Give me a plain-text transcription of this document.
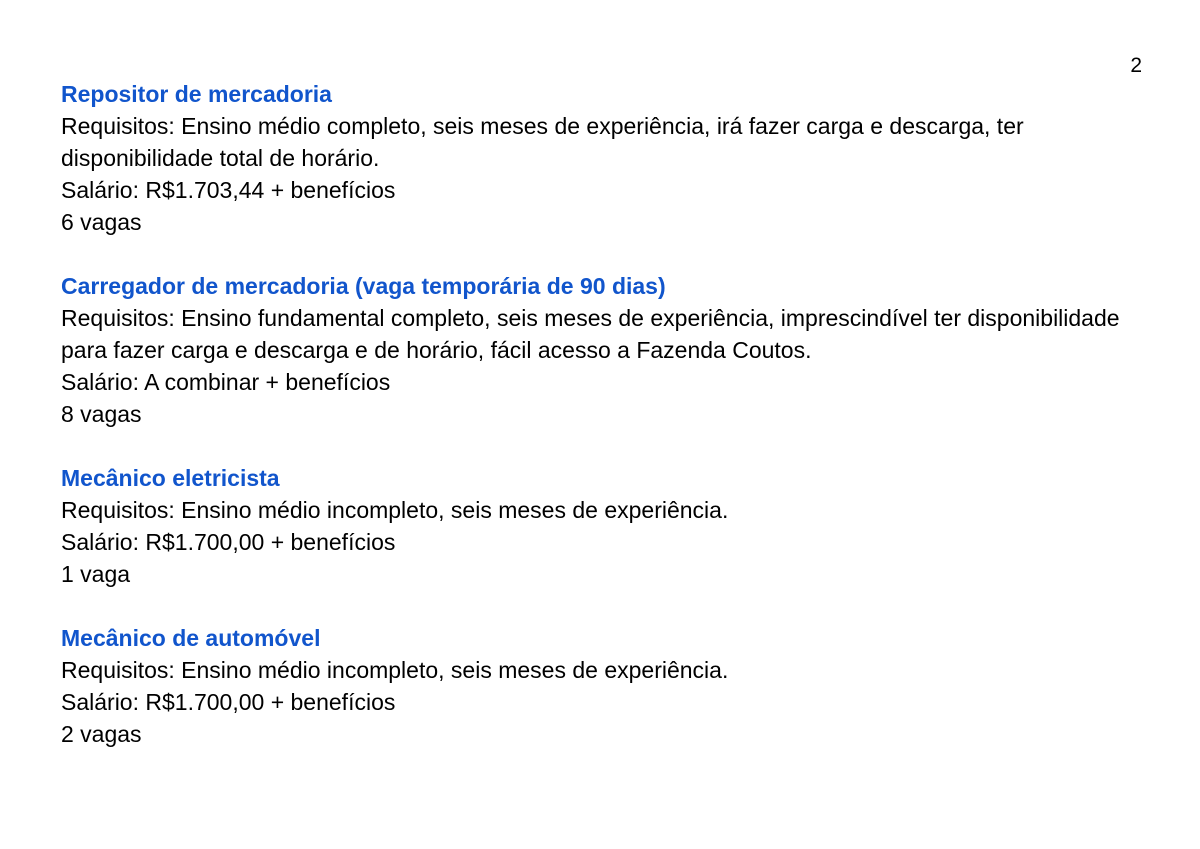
2

Repositor de mercadoria

Requisitos: Ensino médio completo, seis meses de experiência, irá fazer carga e descarga, ter disponibilidade total de horário.

Salário: R$1.703,44 + benefícios

6 vagas

Carregador de mercadoria (vaga temporária de 90 dias)

Requisitos: Ensino fundamental completo, seis meses de experiência, imprescindível ter disponibilidade para fazer carga e descarga e de horário, fácil acesso a Fazenda Coutos.

Salário: A combinar + benefícios

8 vagas

Mecânico eletricista

Requisitos: Ensino médio incompleto, seis meses de experiência.

Salário: R$1.700,00 + benefícios

1 vaga

Mecânico de automóvel

Requisitos: Ensino médio incompleto, seis meses de experiência.

Salário: R$1.700,00 + benefícios

2 vagas
